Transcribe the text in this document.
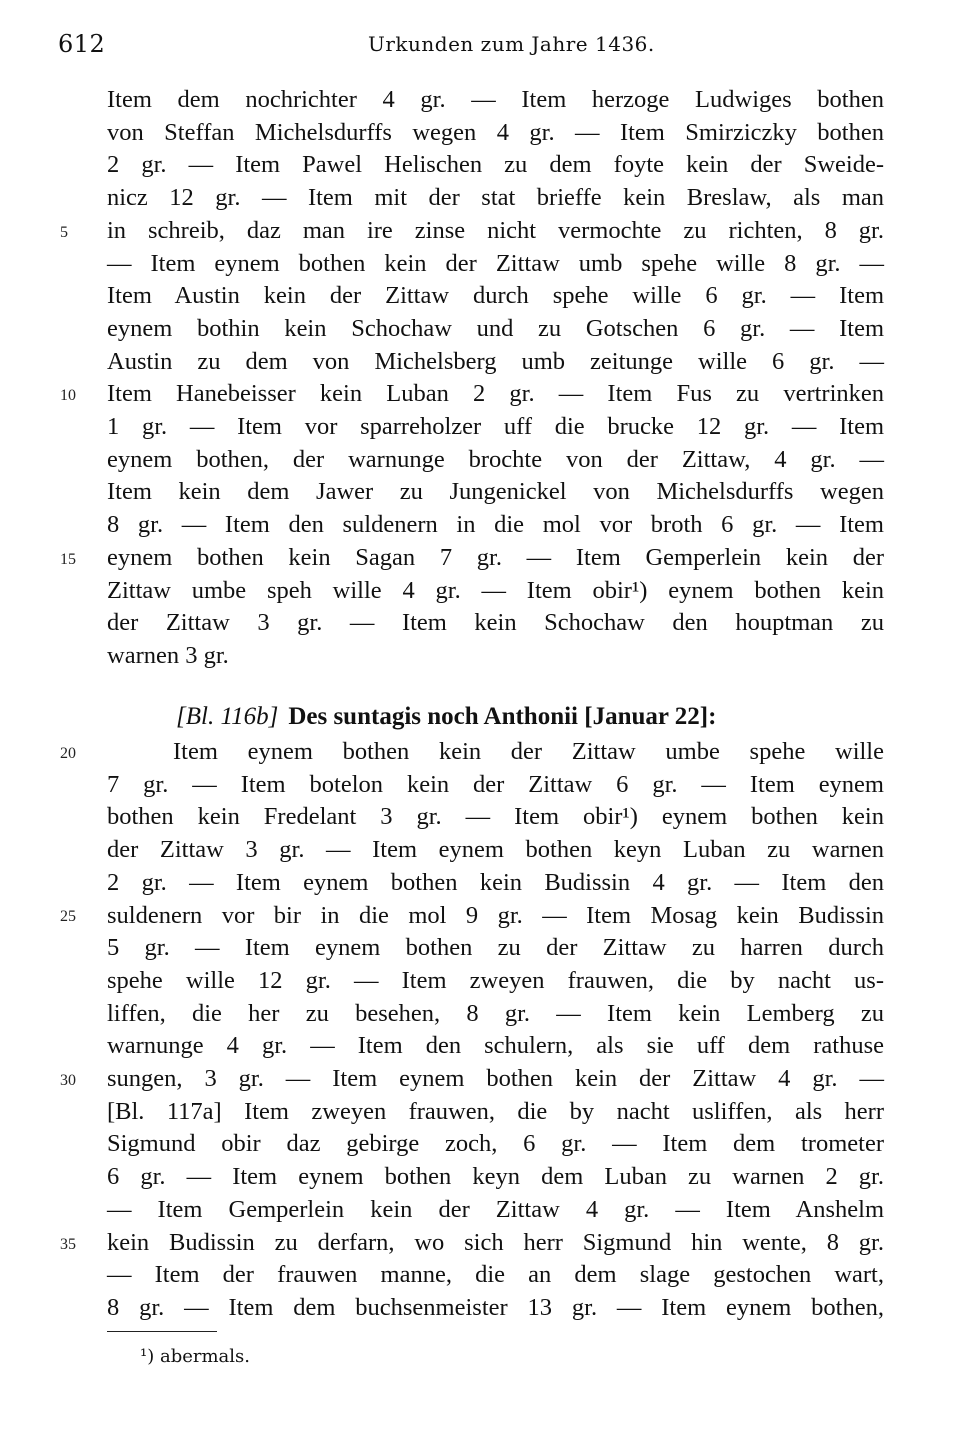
612	Urkunden zum Jahre 1436.
5
10
15
20
25
30
35
Item dem nochrichter 4 gr. — Item herzoge Ludwiges bothen
von Steffan Michelsdurffs wegen 4 gr. — Item Smirziczky bothen
2 gr. — Item Pawel Helischen zu dem foyte kein der Sweide-
nicz 12 gr. — Item mit der stat brieffe kein Breslaw, als man
in schreib, daz man ire zinse nicht vermochte zu richten, 8 gr.
— Item eynem bothen kein der Zittaw umb spehe wille 8 gr. —
Item Austin kein der Zittaw durch spehe wille 6 gr. — Item
eynem bothin kein Schochaw und zu Gotschen 6 gr. — Item
Austin zu dem von Michelsberg umb zeitunge wille 6 gr. —
Item Hanebeisser kein Luban 2 gr. — Item Fus zu vertrinken
1 gr. — Item vor sparreholzer uff die brucke 12 gr. — Item
eynem bothen, der warnunge brochte von der Zittaw, 4 gr. —
Item kein dem Jawer zu Jungenickel von Michelsdurffs wegen
8 gr. — Item den suldenern in die mol vor broth 6 gr. — Item
eynem bothen kein Sagan 7 gr. — Item Gemperlein kein der
Zittaw umbe speh wille 4 gr. — Item obir¹) eynem bothen kein
der Zittaw 3 gr. — Item kein Schochaw den houptman zu
warnen 3 gr.
[Bl. 116b] Des suntagis noch Anthonii [Januar 22]:
Item eynem bothen kein der Zittaw umbe spehe wille
7 gr. — Item botelon kein der Zittaw 6 gr. — Item eynem
bothen kein Fredelant 3 gr. — Item obir¹) eynem bothen kein
der Zittaw 3 gr. — Item eynem bothen keyn Luban zu warnen
2 gr. — Item eynem bothen kein Budissin 4 gr. — Item den
suldenern vor bir in die mol 9 gr. — Item Mosag kein Budissin
5 gr. — Item eynem bothen zu der Zittaw zu harren durch
spehe wille 12 gr. — Item zweyen frauwen, die by nacht us-
liffen, die her zu besehen, 8 gr. — Item kein Lemberg zu
warnunge 4 gr. — Item den schulern, als sie uff dem rathuse
sungen, 3 gr. — Item eynem bothen kein der Zittaw 4 gr. —
[Bl. 117a] Item zweyen frauwen, die by nacht usliffen, als herr
Sigmund obir daz gebirge zoch, 6 gr. — Item dem trometer
6 gr. — Item eynem bothen keyn dem Luban zu warnen 2 gr.
— Item Gemperlein kein der Zittaw 4 gr. — Item Anshelm
kein Budissin zu derfarn, wo sich herr Sigmund hin wente, 8 gr.
— Item der frauwen manne, die an dem slage gestochen wart,
8 gr. — Item dem buchsenmeister 13 gr. — Item eynem bothen,
¹) abermals.
